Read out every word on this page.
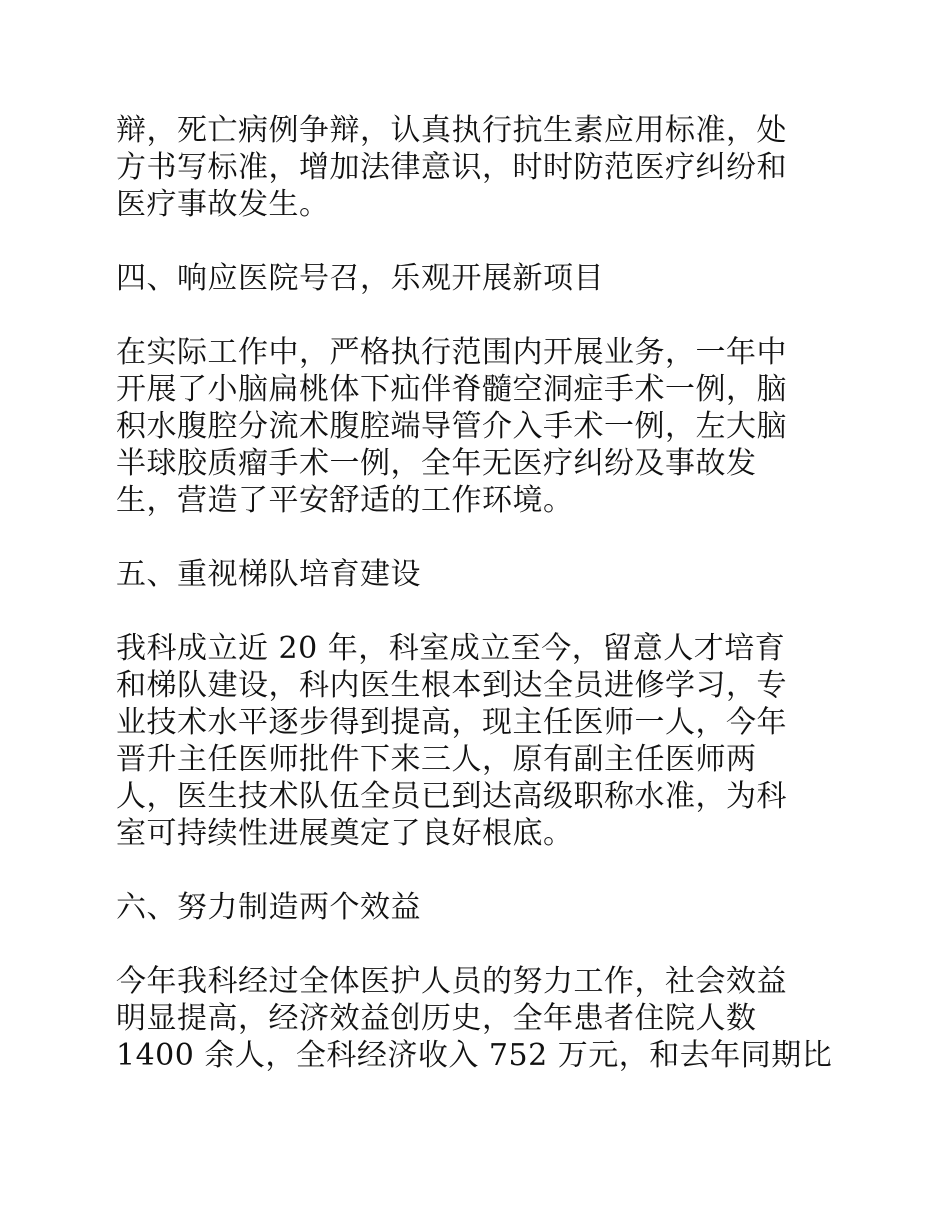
辩，死亡病例争辩，认真执行抗生素应用标准，处
方书写标准，增加法律意识，时时防范医疗纠纷和
医疗事故发生。

四、响应医院号召，乐观开展新项目

在实际工作中，严格执行范围内开展业务，一年中
开展了小脑扁桃体下疝伴脊髓空洞症手术一例，脑
积水腹腔分流术腹腔端导管介入手术一例，左大脑
半球胶质瘤手术一例，全年无医疗纠纷及事故发
生，营造了平安舒适的工作环境。

五、重视梯队培育建设

我科成立近 20 年，科室成立至今，留意人才培育
和梯队建设，科内医生根本到达全员进修学习，专
业技术水平逐步得到提高，现主任医师一人，今年
晋升主任医师批件下来三人，原有副主任医师两
人，医生技术队伍全员已到达高级职称水准，为科
室可持续性进展奠定了良好根底。

六、努力制造两个效益

今年我科经过全体医护人员的努力工作，社会效益
明显提高，经济效益创历史，全年患者住院人数
1400 余人，全科经济收入 752 万元，和去年同期比
